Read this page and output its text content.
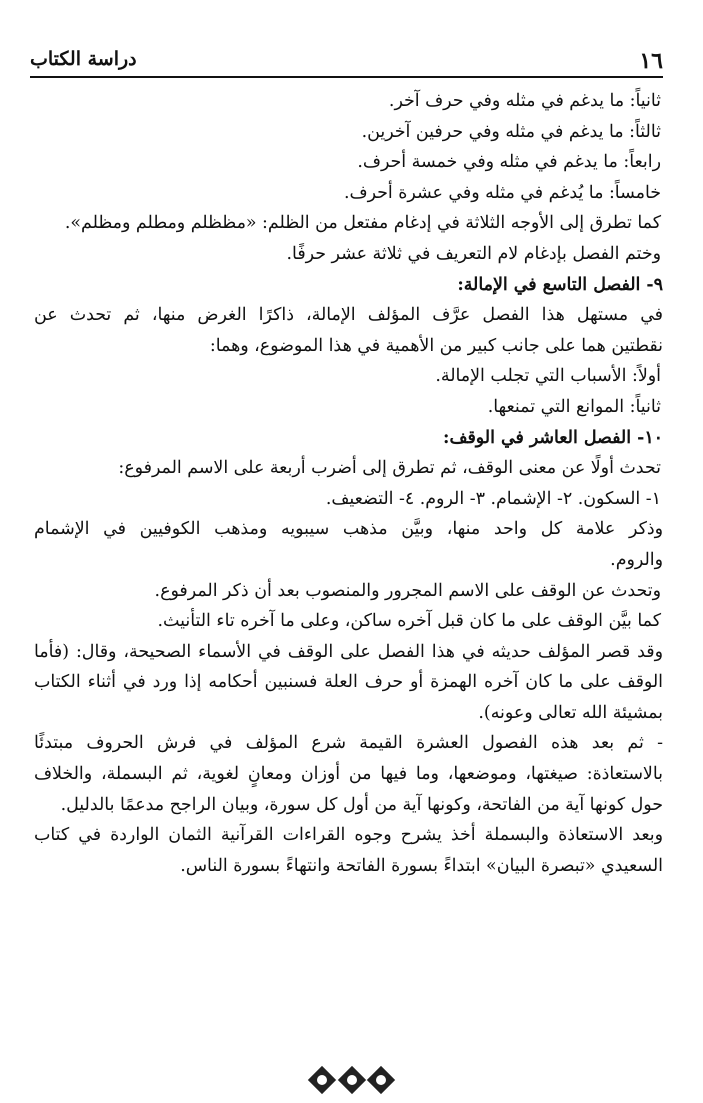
١٦
دراسة الكتاب
ثانياً: ما يدغم في مثله وفي حرف آخر.
ثالثاً: ما يدغم في مثله وفي حرفين آخرين.
رابعاً: ما يدغم في مثله وفي خمسة أحرف.
خامساً: ما يُدغم في مثله وفي عشرة أحرف.
كما تطرق إلى الأوجه الثلاثة في إدغام مفتعل من الظلم: «مظظلم ومطلم ومظلم».
وختم الفصل بإدغام لام التعريف في ثلاثة عشر حرفًا.
٩- الفصل التاسع في الإمالة:
في مستهل هذا الفصل عرَّف المؤلف الإمالة، ذاكرًا الغرض منها، ثم تحدث عن
نقطتين هما على جانب كبير من الأهمية في هذا الموضوع، وهما:
أولاً: الأسباب التي تجلب الإمالة.
ثانياً: الموانع التي تمنعها.
١٠- الفصل العاشر في الوقف:
تحدث أولًا عن معنى الوقف، ثم تطرق إلى أضرب أربعة على الاسم المرفوع:
١- السكون. ٢- الإشمام. ٣- الروم. ٤- التضعيف.
وذكر علامة كل واحد منها، وبيَّن مذهب سيبويه ومذهب الكوفيين في الإشمام
والروم.
وتحدث عن الوقف على الاسم المجرور والمنصوب بعد أن ذكر المرفوع.
كما بيَّن الوقف على ما كان قبل آخره ساكن، وعلى ما آخره تاء التأنيث.
وقد قصر المؤلف حديثه في هذا الفصل على الوقف في الأسماء الصحيحة، وقال: (فأما
الوقف على ما كان آخره الهمزة أو حرف العلة فسنبين أحكامه إذا ورد في أثناء الكتاب
بمشيئة الله تعالى وعونه).
- ثم بعد هذه الفصول العشرة القيمة شرع المؤلف في فرش الحروف مبتدئًا
بالاستعاذة: صيغتها، وموضعها، وما فيها من أوزان ومعانٍ لغوية، ثم البسملة، والخلاف
حول كونها آية من الفاتحة، وكونها آية من أول كل سورة، وبيان الراجح مدعمًا بالدليل.
وبعد الاستعاذة والبسملة أخذ يشرح وجوه القراءات القرآنية الثمان الواردة في كتاب
السعيدي «تبصرة البيان» ابتداءً بسورة الفاتحة وانتهاءً بسورة الناس.
